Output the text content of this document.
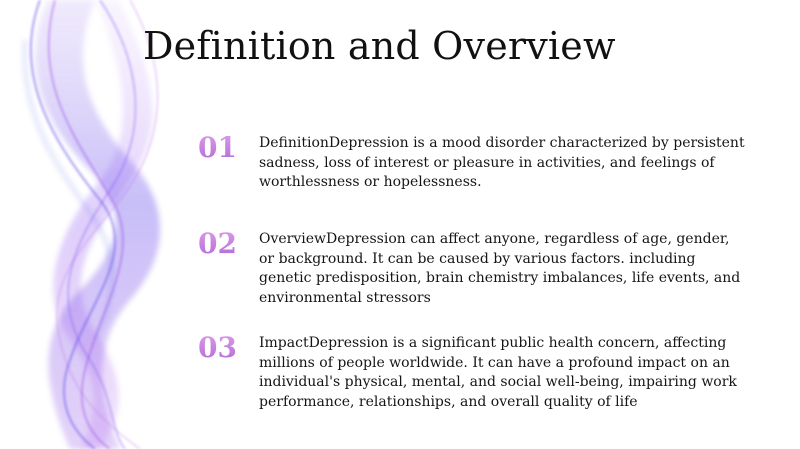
Definition and Overview
01 DefinitionDepression is a mood disorder characterized by persistent sadness, loss of interest or pleasure in activities, and feelings of worthlessness or hopelessness.
02 OverviewDepression can affect anyone, regardless of age, gender, or background. It can be caused by various factors. including genetic predisposition, brain chemistry imbalances, life events, and environmental stressors
03 ImpactDepression is a significant public health concern, affecting millions of people worldwide. It can have a profound impact on an individual's physical, mental, and social well-being, impairing work performance, relationships, and overall quality of life
